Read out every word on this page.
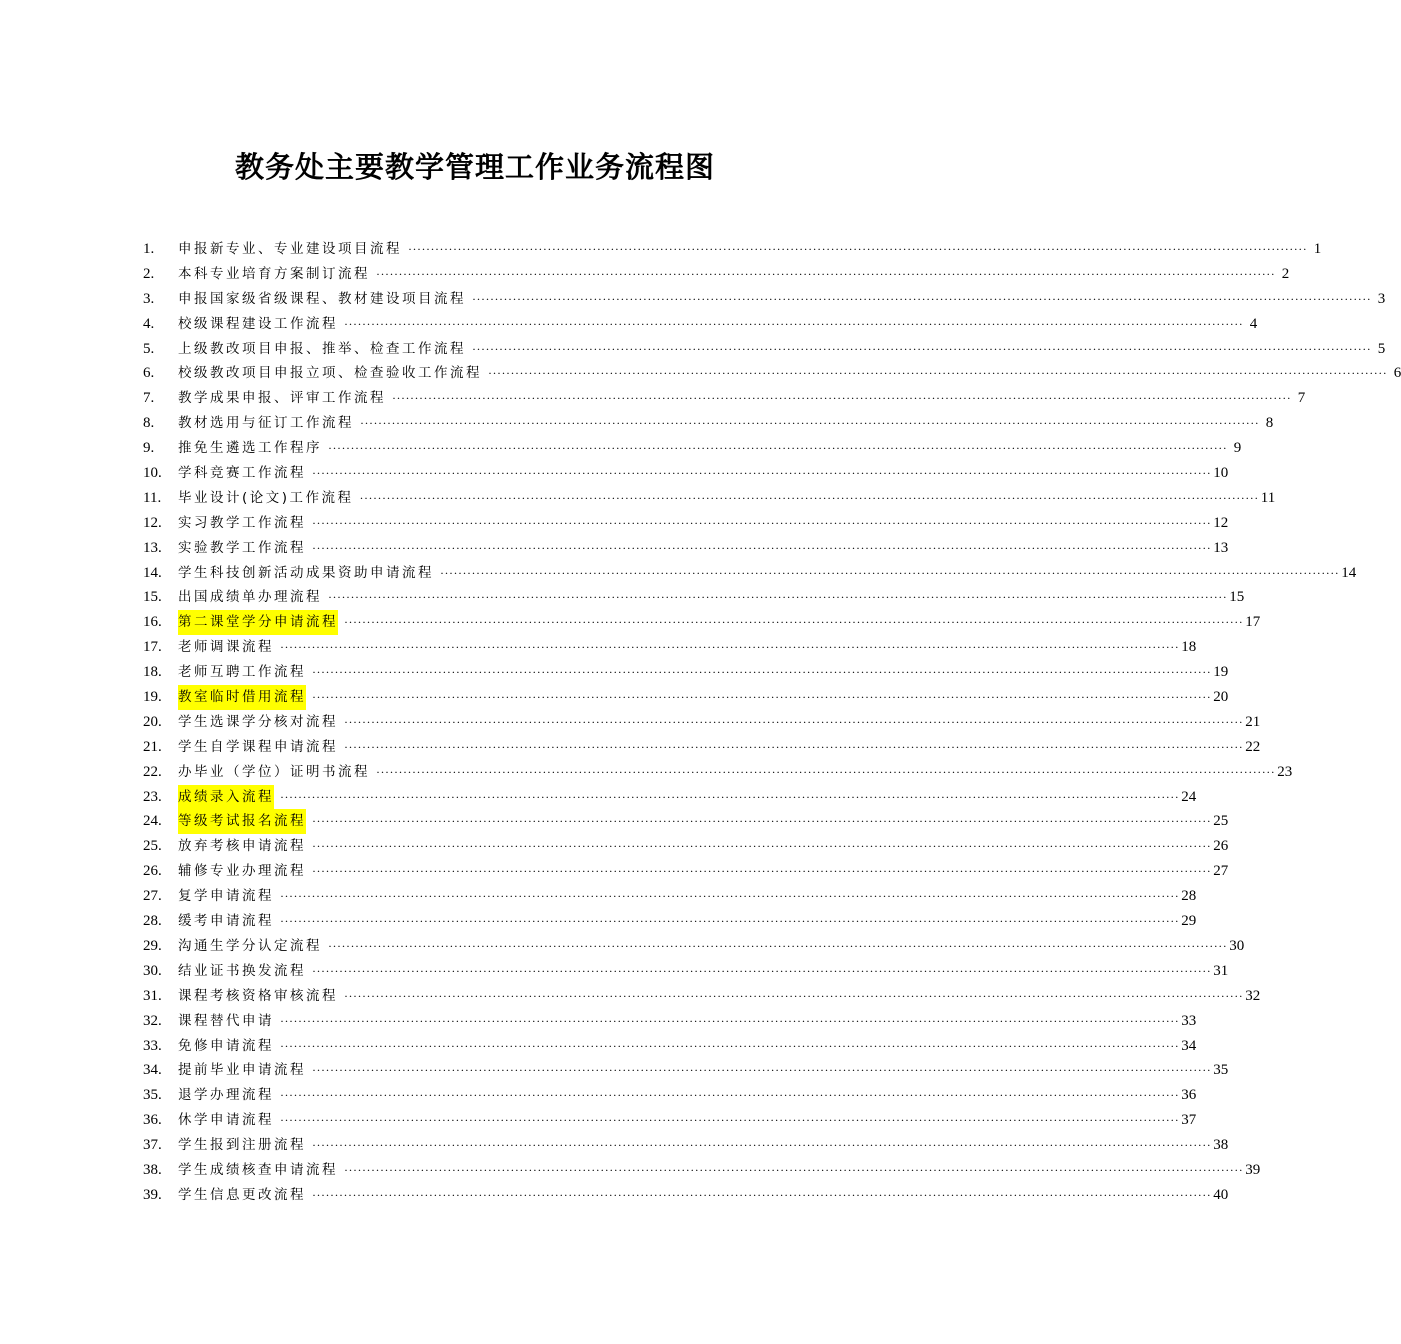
教务处主要教学管理工作业务流程图
1.	申报新专业、专业建设项目流程 ········································································································································································································ 1
2.	本科专业培育方案制订流程 ········································································································································································································ 2
3.	申报国家级省级课程、教材建设项目流程 ········································································································································································································ 3
4.	校级课程建设工作流程 ········································································································································································································ 4
5.	上级教改项目申报、推举、检查工作流程 ········································································································································································································ 5
6.	校级教改项目申报立项、检查验收工作流程 ········································································································································································································ 6
7.	教学成果申报、评审工作流程 ········································································································································································································ 7
8.	教材选用与征订工作流程 ········································································································································································································ 8
9.	推免生遴选工作程序 ········································································································································································································ 9
10.	学科竞赛工作流程 ········································································································································································································ 10
11.	毕业设计(论文)工作流程 ········································································································································································································ 11
12.	实习教学工作流程 ········································································································································································································ 12
13.	实验教学工作流程 ········································································································································································································ 13
14.	学生科技创新活动成果资助申请流程 ········································································································································································································ 14
15.	出国成绩单办理流程 ········································································································································································································ 15
16.	第二课堂学分申请流程 ········································································································································································································ 17
17.	老师调课流程 ········································································································································································································ 18
18.	老师互聘工作流程 ········································································································································································································ 19
19.	教室临时借用流程 ········································································································································································································ 20
20.	学生选课学分核对流程 ········································································································································································································ 21
21.	学生自学课程申请流程 ········································································································································································································ 22
22.	办毕业（学位）证明书流程 ········································································································································································································ 23
23.	成绩录入流程 ········································································································································································································ 24
24.	等级考试报名流程 ········································································································································································································ 25
25.	放弃考核申请流程 ········································································································································································································ 26
26.	辅修专业办理流程 ········································································································································································································ 27
27.	复学申请流程 ········································································································································································································ 28
28.	缓考申请流程 ········································································································································································································ 29
29.	沟通生学分认定流程 ········································································································································································································ 30
30.	结业证书换发流程 ········································································································································································································ 31
31.	课程考核资格审核流程 ········································································································································································································ 32
32.	课程替代申请 ········································································································································································································ 33
33.	免修申请流程 ········································································································································································································ 34
34.	提前毕业申请流程 ········································································································································································································ 35
35.	退学办理流程 ········································································································································································································ 36
36.	休学申请流程 ········································································································································································································ 37
37.	学生报到注册流程 ········································································································································································································ 38
38.	学生成绩核查申请流程 ········································································································································································································ 39
39.	学生信息更改流程 ········································································································································································································ 40
